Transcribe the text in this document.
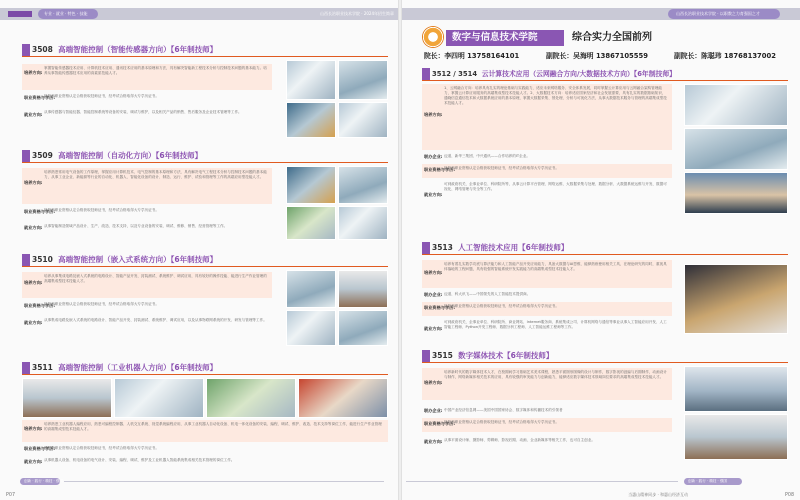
专业 · 就业 · 特色 · 技能	山西长治职业技术学院 · 2024年招生简章
3508 高端智能控制（智能传感器方向）【6年制技师】
培养方向:
掌握智能传感器技术应用、计算机技术应用、通讯技术应用的基本原理和方法，具有解决智能新工程技术分析与控制技术问题的基本能力。培养从事智能传感器技术应用的高素质技能人才。
职业资格与学历:
经技师职业资格认定合格获取技师证书，经考试合格取得大专学历证书。
就业方向: 从事传感器与智能仪器、智能控制系统等设备的安装、调试与维护，以及相关产品的销售、售后服务及企业技术管理等工作。
3509 高端智能控制（自动化方向）【6年制技师】
培养方向:
培养熟悉常用电气设备的工作原理，掌握应用计算机技术、电气控制的基本原理和方法，具有解决电气工程技术分析与控制技术问题的基本能力，从事工业企业、新能源等行业的自动化、机器人、智能化设备的设计、制造、运行、维护、试验和管理等工作的高端应用型技能人才。
职业资格与学历:
经技师职业资格认定合格获取技师证书，经考试合格取得大专学历证书。
就业方向: 从事智能制造领域产品设计、生产、改造、技术支持，以及专业设备的安装、调试、维修、销售、经营管理等工作。
3510 高端智能控制（嵌入式系统方向）【6年制技师】
培养方向:
培养从事集成电路及嵌入式系统的电路设计、智能产品开发、封装测试、系统维护、调试应用，具有较好的操作技能、能进行生产作业管理的高端集成型技术技能人才。
职业资格与学历:
经技师职业资格认定合格获取技师证书，经考试合格取得大专学历证书。
就业方向: 从事集成电路及嵌入式系统的电路设计、智能产品开发、封装测试、系统维护、调试应用，以及从事物联网系统的开发、研发与管理等工作。
3511 高端智能控制（工业机器人方向）【6年制技师】
培养方向:
培养熟悉工业机器人编程应用，熟悉可编程控制器、人机交互系统、视觉系统编程应用，从事工业机器人自动化设备、机电一体化设备的安装、编程、调试、维护、改造、技术支持等岗位工作，能进行生产作业管理的高端集成型技术技能人才。
职业资格与学历:
经技师职业资格认定合格获取技师证书，经考试合格取得大专学历证书。
就业方向: 从事机器人设备、机电设备的电气设计、安装、编程、调试、维护及工业机器人智能系统集成相关技术管理的岗位工作。
创新 · 践行 · 精技 · 强国
P07
山西长治职业技术学院 · 以职教之力育强国之才
数字与信息技术学院	综合实力全国前列
院长：李四明 13758164101	副院长：吴海明 13867105559	副院长：陈聪玮 18768137002
3512 / 3514 云计算技术应用（云网融合方向/大数据技术方向）【6年制技师】
培养方向:
1、云网融合方向：培养具有扎实的理论基础与实践能力，适应未来网络服务、安全体系发展，同时掌握云计算应用与云网融合架构管理能力，掌握云计算应用服务的高端集成型技术技能人才。2、大数据技术方向：培养适应国家经济和社会发展需要，具有扎实的数据基础知识，通晓信息通信技术和大数据系统应用的基本原理，掌握大数据采集、预处理、分析与可视化方法，从事大数据技术服务与管理的高端集成型技术技能人才。
联办企业: 迈道、新华三集团、中兴通讯——合作培养的IT企业。
职业资格与学历:
经技师职业资格认定合格获取技师证书，经考试合格取得大专学历证书。
就业方向:
可到政府机关、企事业单位、科研院所等，从事云计算平台管理、网络运维、大数据采集与处理、数据分析、大数据系统运维与开发、数据可视化、网络管理与安全等工作。
3513 人工智能技术应用【6年制技师】
培养方向:
培养有着扎实数学功底与算法能力和人工智能产品开发应用能力，具备大数据与AI思维，能够熟练使用相关工具，在理论研究的同时，重视具体落地的工程问题，具有较强的智能系统开发实践能力的高端集成型技术技能人才。
联办企业: 迈道、科大讯飞——中国领先的人工智能技术提供商。
职业资格与学历:
经技师职业资格认定合格获取技师证书，经考试合格取得大专学历证书。
就业方向:
可到政府机关、企事业单位、科研院所、商业网站、Internet服务商、系统集成公司、计算机网络与通信等事业从事人工智能应用开发、人工智能工程师、Python开发工程师、数据分析工程师、人工智能运维工程师等工作。
3515 数字媒体技术【6年制技师】
培养方向:
培养新时代的数字媒体技术人才，在校期间学习基础艺术美术课程，熟悉平面图形图像的设计与制作，数字影视的创编与后期制作，动画设计与制作，网络新媒体相关技术的应用，具有较强的审美能力与创新能力，能够适应数字媒体技术领域岗位要求的高端集成型技术技能人才。
联办企业: 中国产业经济信息网——美国中国国家协会、数字媒体和传播技术的引领者
职业资格与学历:
经技师职业资格认定合格获取技师证书，经考试合格取得大专学历证书。
就业方向: 从事平面设计师、摄影师、剪辑师、影视后期、动画、企业新媒体等相关工作，也可自主创业。
创新 · 践行 · 精技 · 强国
当惠山精神同步 · 和惠山经济互动	P08
